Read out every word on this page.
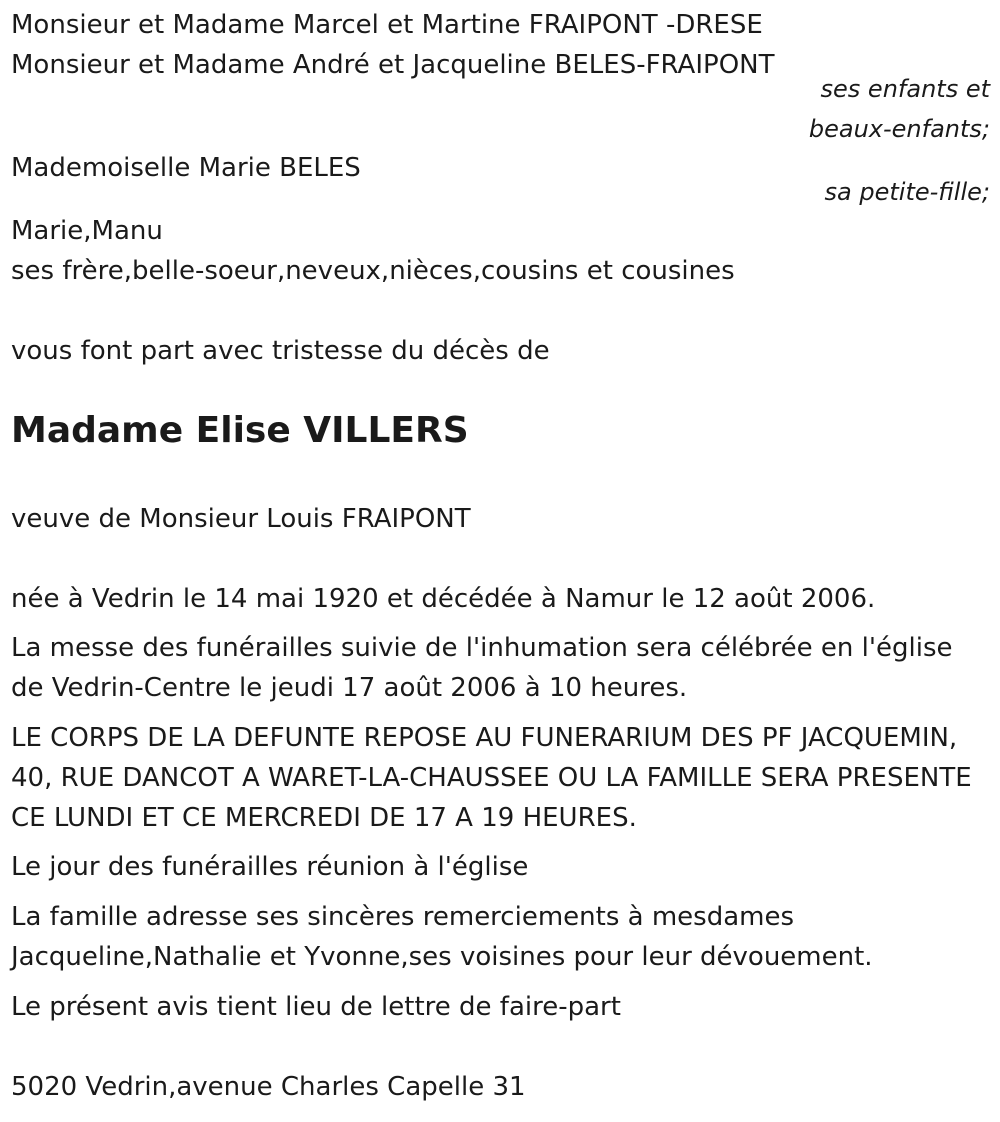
Monsieur et Madame Marcel et Martine FRAIPONT -DRESE
Monsieur et Madame André et Jacqueline BELES-FRAIPONT
ses enfants et
beaux-enfants;
Mademoiselle Marie BELES
sa petite-fille;
Marie,Manu
ses frère,belle-soeur,neveux,nièces,cousins et cousines
vous font part avec tristesse du décès de
Madame Elise VILLERS
veuve de Monsieur Louis FRAIPONT
née à Vedrin le 14 mai 1920 et décédée à Namur le 12 août 2006.
La messe des funérailles suivie de l'inhumation sera célébrée en l'église
de Vedrin-Centre le jeudi 17 août 2006 à 10 heures.
LE CORPS DE LA DEFUNTE REPOSE AU FUNERARIUM DES PF JACQUEMIN,
40, RUE DANCOT A WARET-LA-CHAUSSEE OU LA FAMILLE SERA PRESENTE
CE LUNDI ET CE MERCREDI DE 17 A 19 HEURES.
Le jour des funérailles réunion à l'église
La famille adresse ses sincères remerciements à mesdames
Jacqueline,Nathalie et Yvonne,ses voisines pour leur dévouement.
Le présent avis tient lieu de lettre de faire-part
5020 Vedrin,avenue Charles Capelle 31
